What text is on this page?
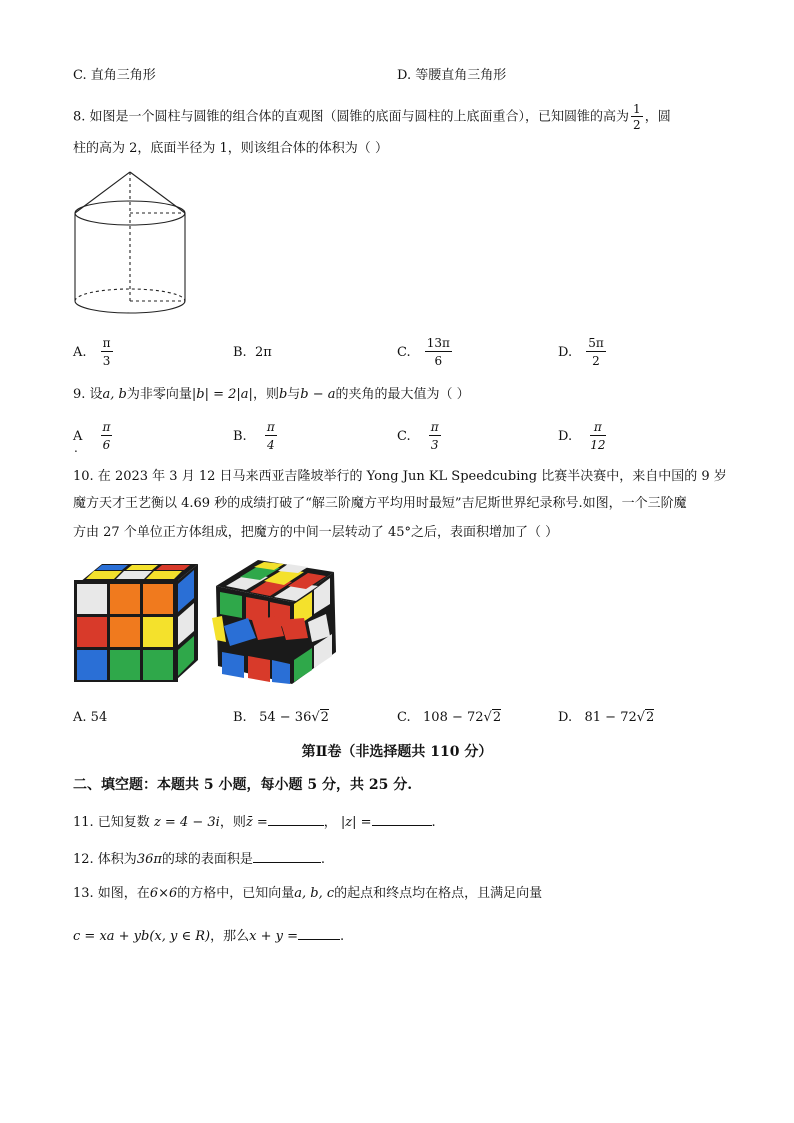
C. 直角三角形	D. 等腰直角三角形
8. 如图是一个圆柱与圆锥的组合体的直观图（圆锥的底面与圆柱的上底面重合），已知圆锥的高为 $\frac{1}{2}$ ，圆
柱的高为 2，底面半径为 1，则该组合体的体积为（ ）
A. $\frac{\pi}{3}$	B. 2π	C. $\frac{13\pi}{6}$	D. $\frac{5\pi}{2}$
9. 设a, b为非零向量|b| = 2|a|，则b与b − a的夹角的最大值为（ ）
A $\frac{\pi}{6}$
.
B. $\frac{\pi}{4}$	C. $\frac{\pi}{3}$	D. $\frac{\pi}{12}$
10. 在 2023 年 3 月 12 日马来西亚吉隆坡举行的 Yong Jun KL Speedcubing 比赛半决赛中，来自中国的 9 岁
魔方天才王艺衡以 4.69 秒的成绩打破了“解三阶魔方平均用时最短”吉尼斯世界纪录称号.如图，一个三阶魔
方由 27 个单位正方体组成，把魔方的中间一层转动了 45°之后，表面积增加了（ ）
A. 54	B. 54 − 36√2	C. 108 − 72√2	D. 81 − 72√2
第Ⅱ卷（非选择题共 110 分）
二、填空题：本题共 5 小题，每小题 5 分，共 25 分.
11. 已知复数 z = 4 − 3i，则z̄ =	， |z| =	.
12. 体积为36π的球的表面积是	.
13. 如图，在6×6的方格中，已知向量a, b, c的起点和终点均在格点，且满足向量
c = xa + yb(x, y ∈ R)，那么x + y =	.
